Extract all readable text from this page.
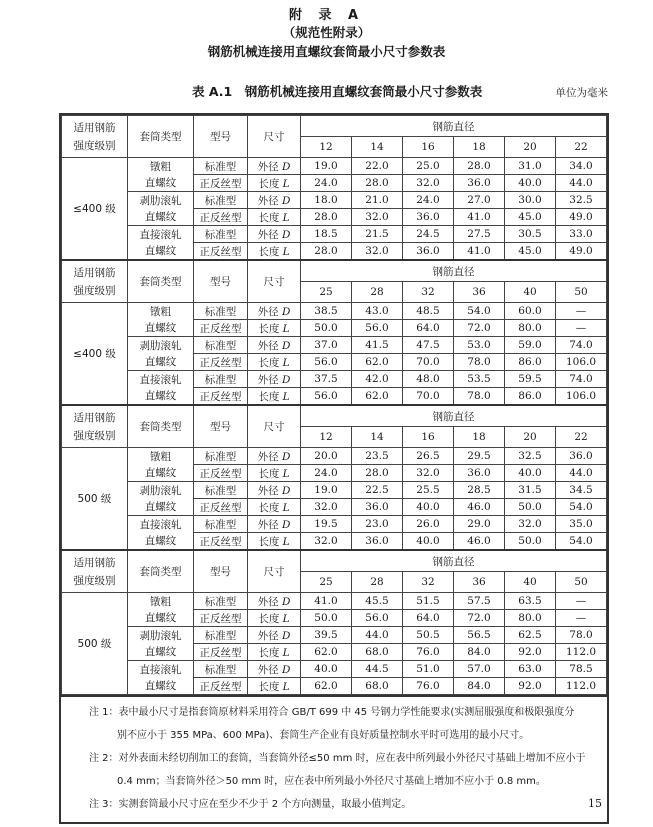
附 录 A
（规范性附录）
钢筋机械连接用直螺纹套筒最小尺寸参数表
表 A.1　钢筋机械连接用直螺纹套筒最小尺寸参数表	单位为毫米
适用钢筋
强度级别	套筒类型	型号	尺寸	钢筋直径					
				12	14	16	18	20	22
≤400 级	镦粗	标准型	外径 D	19.0	22.0	25.0	28.0	31.0	34.0
	直螺纹	正反丝型	长度 L	24.0	28.0	32.0	36.0	40.0	44.0
	剥肋滚轧	标准型	外径 D	18.0	21.0	24.0	27.0	30.0	32.5
	直螺纹	正反丝型	长度 L	28.0	32.0	36.0	41.0	45.0	49.0
	直接滚轧	标准型	外径 D	18.5	21.5	24.5	27.5	30.5	33.0
	直螺纹	正反丝型	长度 L	28.0	32.0	36.0	41.0	45.0	49.0

适用钢筋
强度级别	套筒类型	型号	尺寸	钢筋直径					
				25	28	32	36	40	50
≤400 级	镦粗	标准型	外径 D	38.5	43.0	48.5	54.0	60.0	—
	直螺纹	正反丝型	长度 L	50.0	56.0	64.0	72.0	80.0	—
	剥肋滚轧	标准型	外径 D	37.0	41.5	47.5	53.0	59.0	74.0
	直螺纹	正反丝型	长度 L	56.0	62.0	70.0	78.0	86.0	106.0
	直接滚轧	标准型	外径 D	37.5	42.0	48.0	53.5	59.5	74.0
	直螺纹	正反丝型	长度 L	56.0	62.0	70.0	78.0	86.0	106.0

适用钢筋
强度级别	套筒类型	型号	尺寸	钢筋直径					
				12	14	16	18	20	22
500 级	镦粗	标准型	外径 D	20.0	23.5	26.5	29.5	32.5	36.0
	直螺纹	正反丝型	长度 L	24.0	28.0	32.0	36.0	40.0	44.0
	剥肋滚轧	标准型	外径 D	19.0	22.5	25.5	28.5	31.5	34.5
	直螺纹	正反丝型	长度 L	32.0	36.0	40.0	46.0	50.0	54.0
	直接滚轧	标准型	外径 D	19.5	23.0	26.0	29.0	32.0	35.0
	直螺纹	正反丝型	长度 L	32.0	36.0	40.0	46.0	50.0	54.0

适用钢筋
强度级别	套筒类型	型号	尺寸	钢筋直径					
				25	28	32	36	40	50
500 级	镦粗	标准型	外径 D	41.0	45.5	51.5	57.5	63.5	—
	直螺纹	正反丝型	长度 L	50.0	56.0	64.0	72.0	80.0	—
	剥肋滚轧	标准型	外径 D	39.5	44.0	50.5	56.5	62.5	78.0
	直螺纹	正反丝型	长度 L	62.0	68.0	76.0	84.0	92.0	112.0
	直接滚轧	标准型	外径 D	40.0	44.5	51.0	57.0	63.0	78.5
	直螺纹	正反丝型	长度 L	62.0	68.0	76.0	84.0	92.0	112.0
注 1：表中最小尺寸是指套筒原材料采用符合 GB/T 699 中 45 号钢力学性能要求(实测屈服强度和极限强度分
别不应小于 355 MPa、600 MPa)、套筒生产企业有良好质量控制水平时可选用的最小尺寸。
注 2：对外表面未经切削加工的套筒，当套筒外径≤50 mm 时，应在表中所列最小外径尺寸基础上增加不应小于
0.4 mm；当套筒外径＞50 mm 时，应在表中所列最小外径尺寸基础上增加不应小于 0.8 mm。
注 3：实测套筒最小尺寸应在至少不少于 2 个方向测量，取最小值判定。	15
